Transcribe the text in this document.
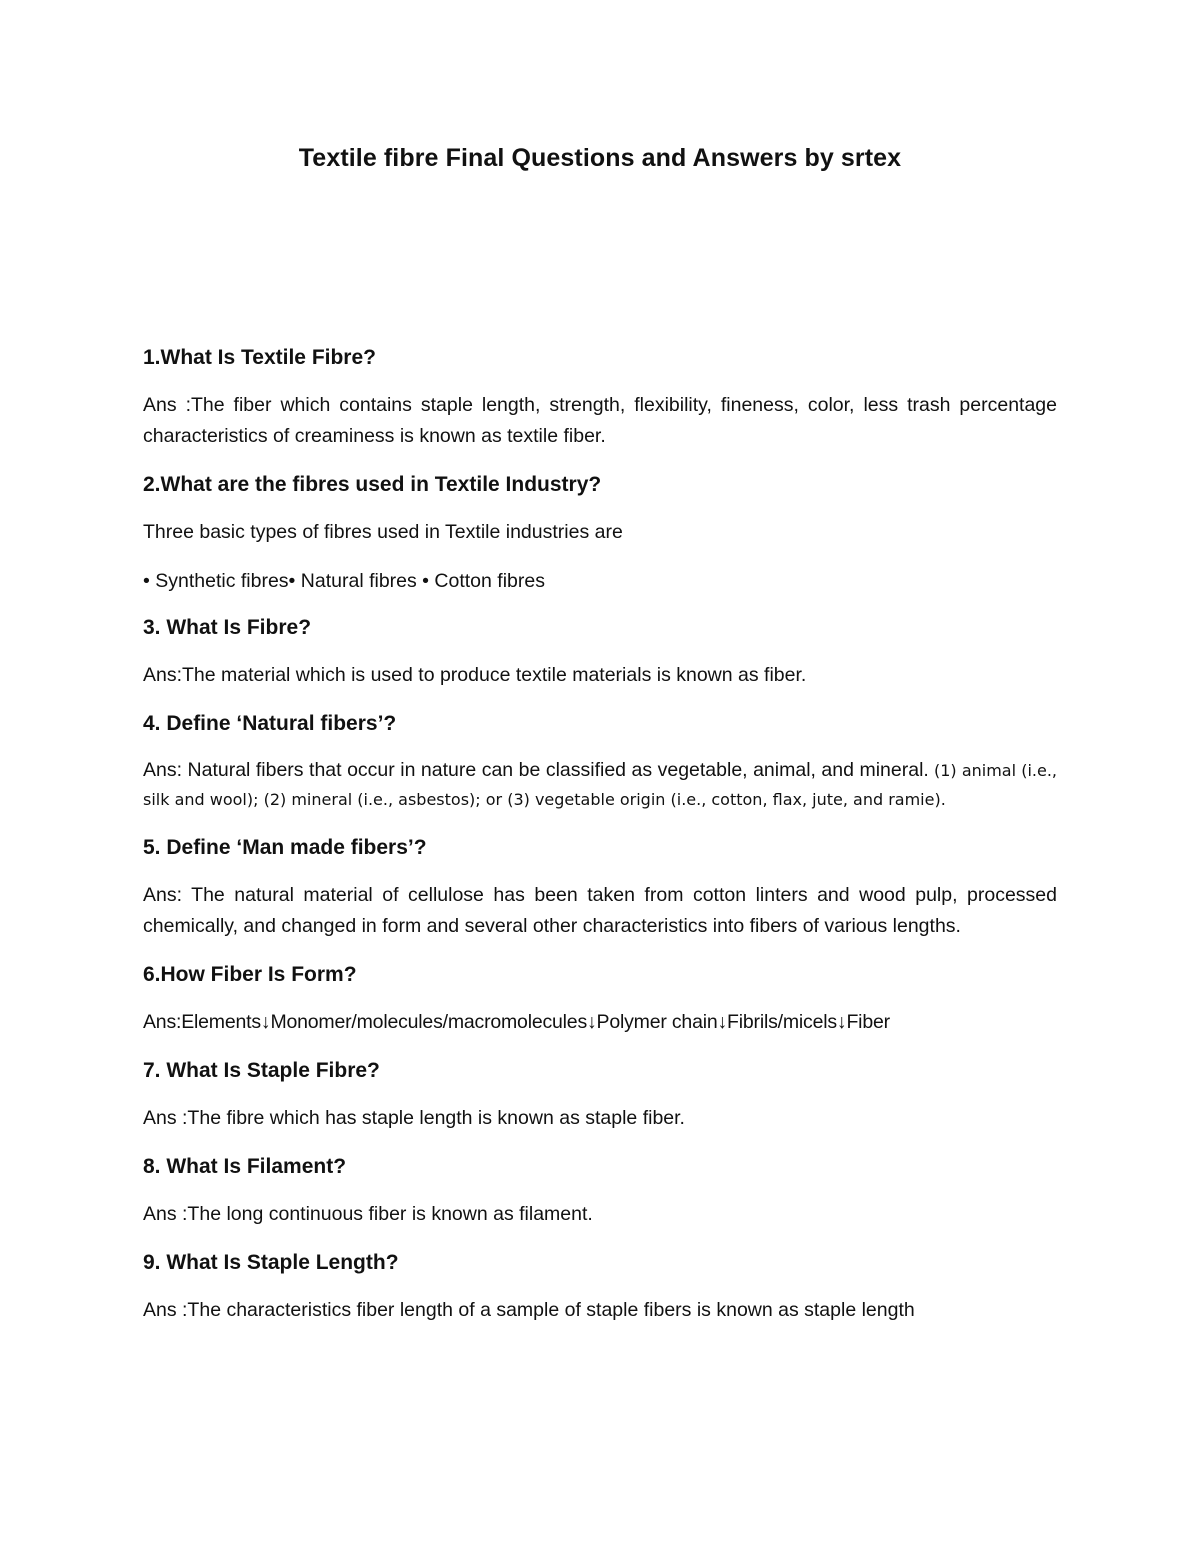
Textile fibre Final Questions and Answers by srtex
1.What Is Textile Fibre?
Ans :The fiber which contains staple length, strength, flexibility, fineness, color, less trash percentage characteristics of creaminess is known as textile fiber.
2.What are the fibres used in Textile Industry?
Three basic types of fibres used in Textile industries are
• Synthetic fibres• Natural fibres • Cotton fibres
3. What Is Fibre?
Ans:The material which is used to produce textile materials is known as fiber.
4. Define ‘Natural fibers’?
Ans: Natural fibers that occur in nature can be classified as vegetable, animal, and mineral. (1) animal (i.e., silk and wool); (2) mineral (i.e., asbestos); or (3) vegetable origin (i.e., cotton, flax, jute, and ramie).
5. Define ‘Man made fibers’?
Ans: The natural material of cellulose has been taken from cotton linters and wood pulp, processed chemically, and changed in form and several other characteristics into fibers of various lengths.
6.How Fiber Is Form?
Ans:Elements↓Monomer/molecules/macromolecules↓Polymer chain↓Fibrils/micels↓Fiber
7. What Is Staple Fibre?
Ans :The fibre which has staple length is known as staple fiber.
8. What Is Filament?
Ans :The long continuous fiber is known as filament.
9. What Is Staple Length?
Ans :The characteristics fiber length of a sample of staple fibers is known as staple length
